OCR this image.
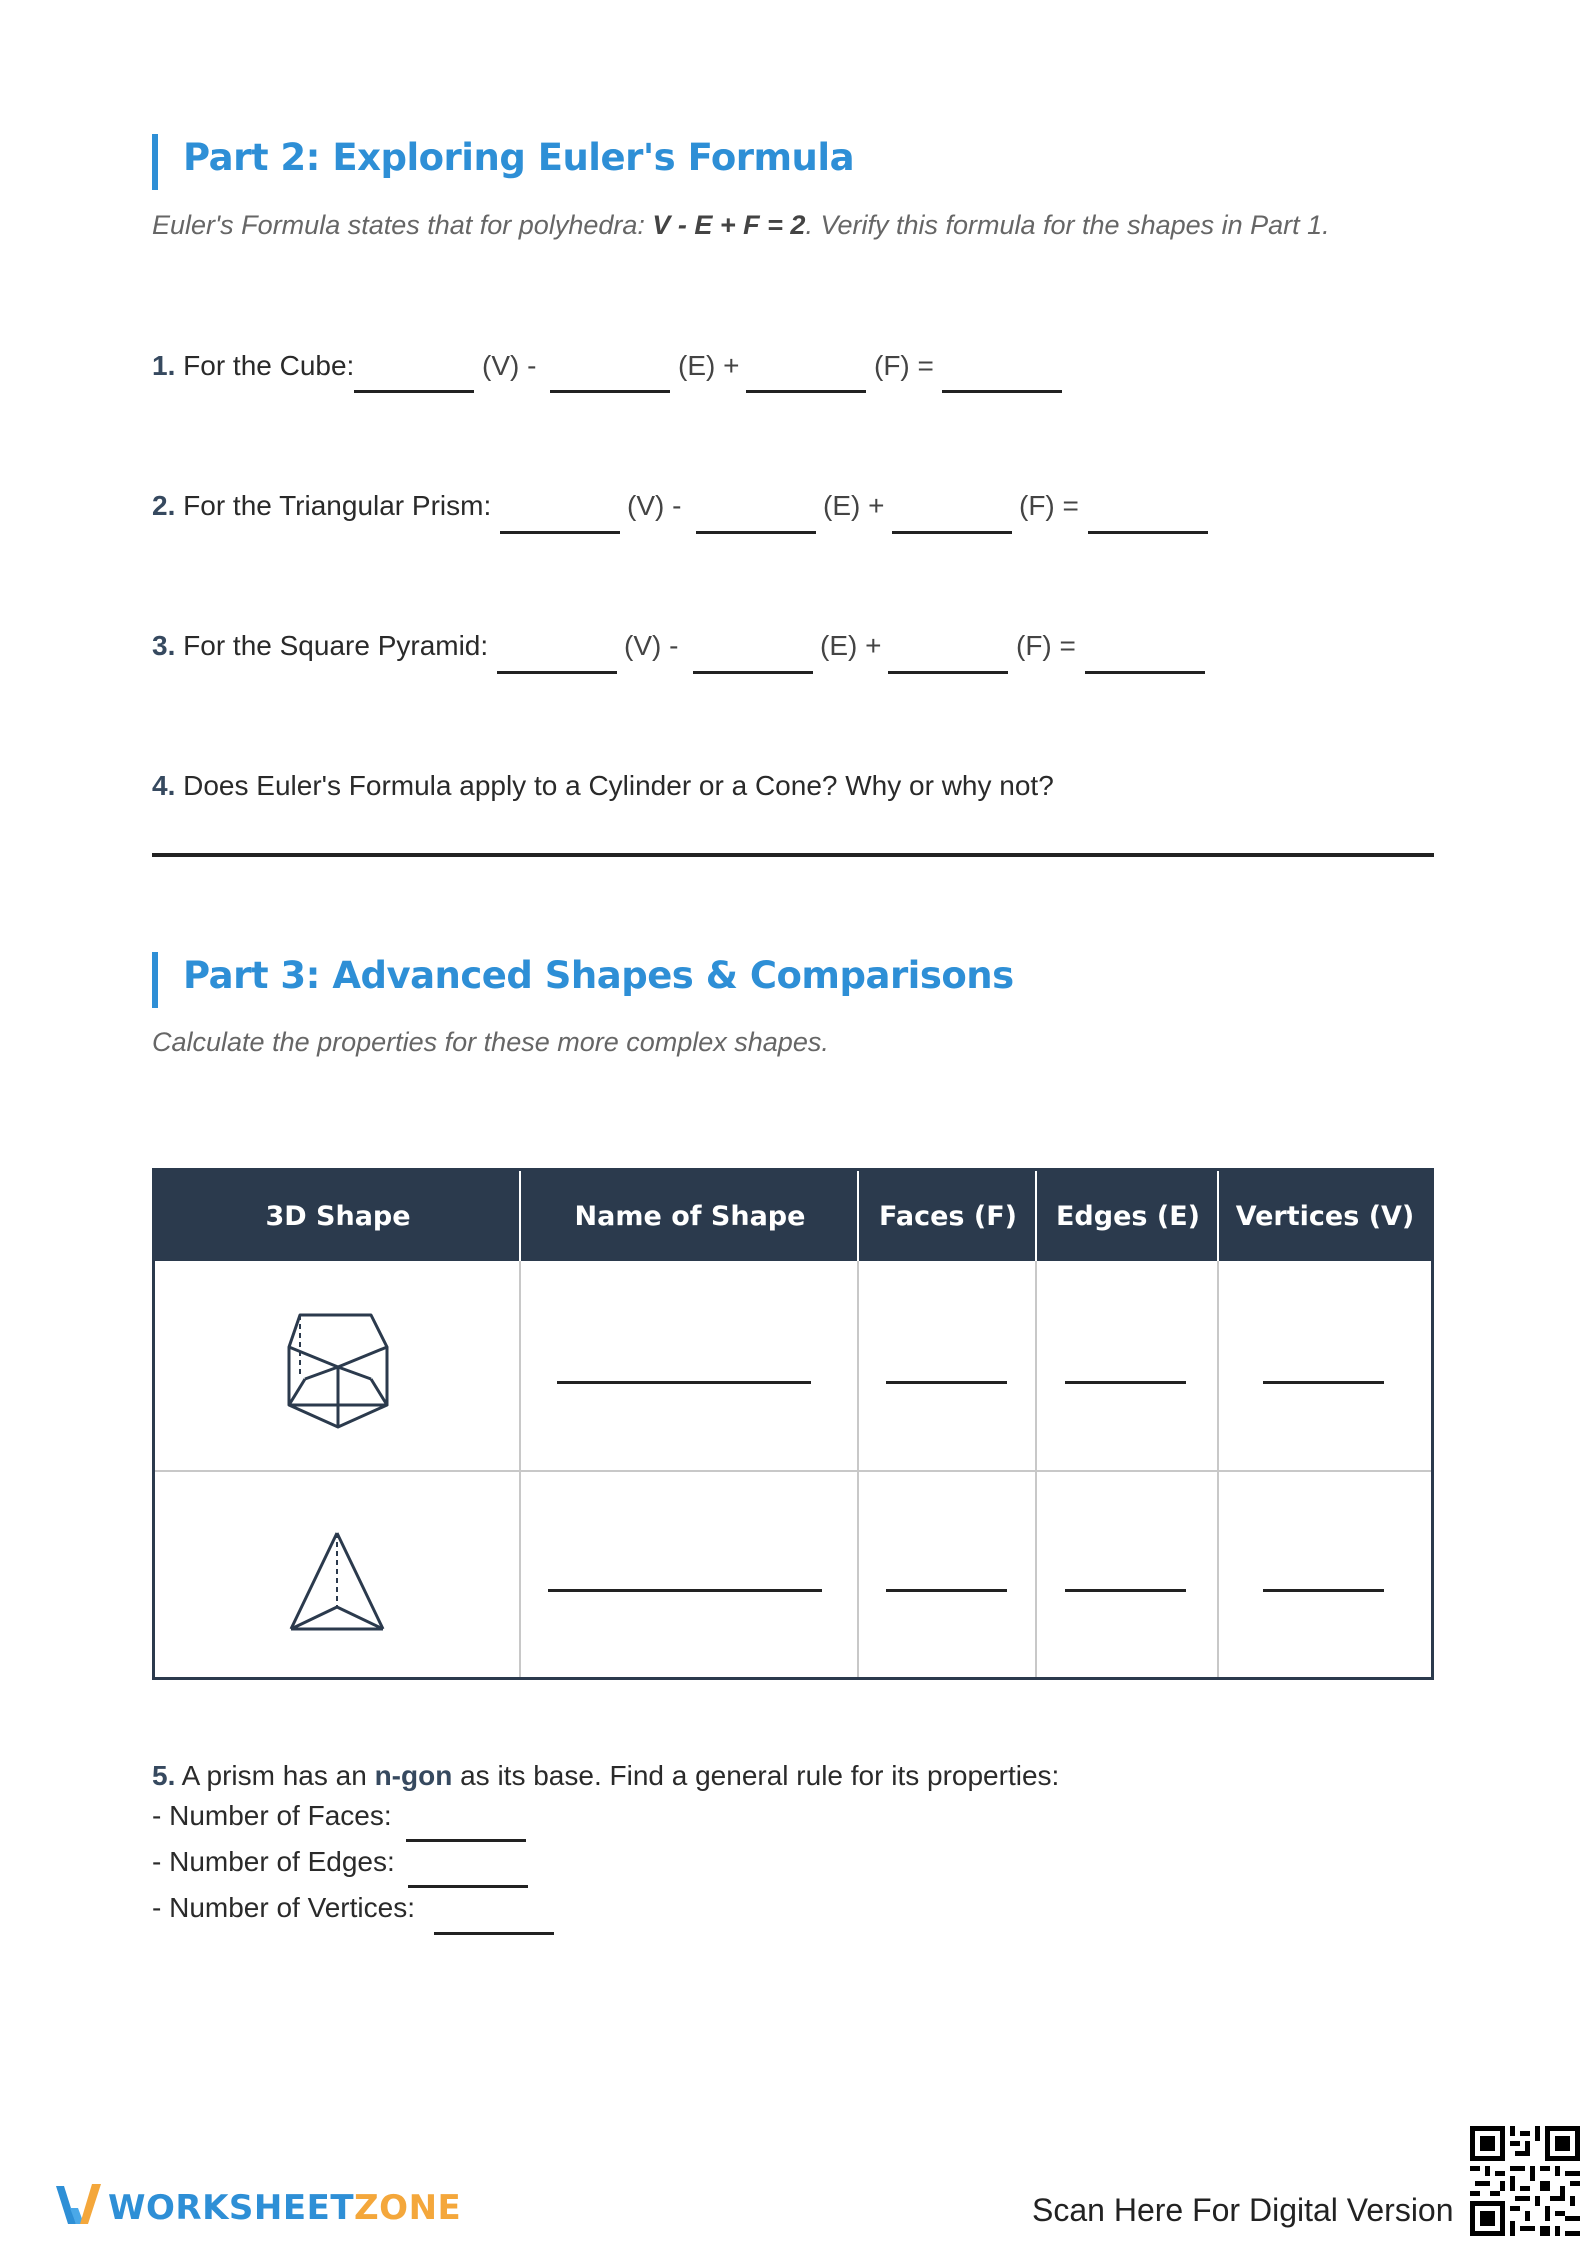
Part 2: Exploring Euler's Formula
Euler's Formula states that for polyhedra: V - E + F = 2. Verify this formula for the shapes in Part 1.
1. For the Cube:	(V) -	(E) +	(F) =
2. For the Triangular Prism:	(V) -	(E) +	(F) =
3. For the Square Pyramid:	(V) -	(E) +	(F) =
4. Does Euler's Formula apply to a Cylinder or a Cone? Why or why not?
Part 3: Advanced Shapes & Comparisons
Calculate the properties for these more complex shapes.
3D Shape	Name of Shape	Faces (F)	Edges (E)	Vertices (V)
5. A prism has an n-gon as its base. Find a general rule for its properties:
- Number of Faces:
- Number of Edges:
- Number of Vertices:
WORKSHEETZONE	Scan Here For Digital Version
